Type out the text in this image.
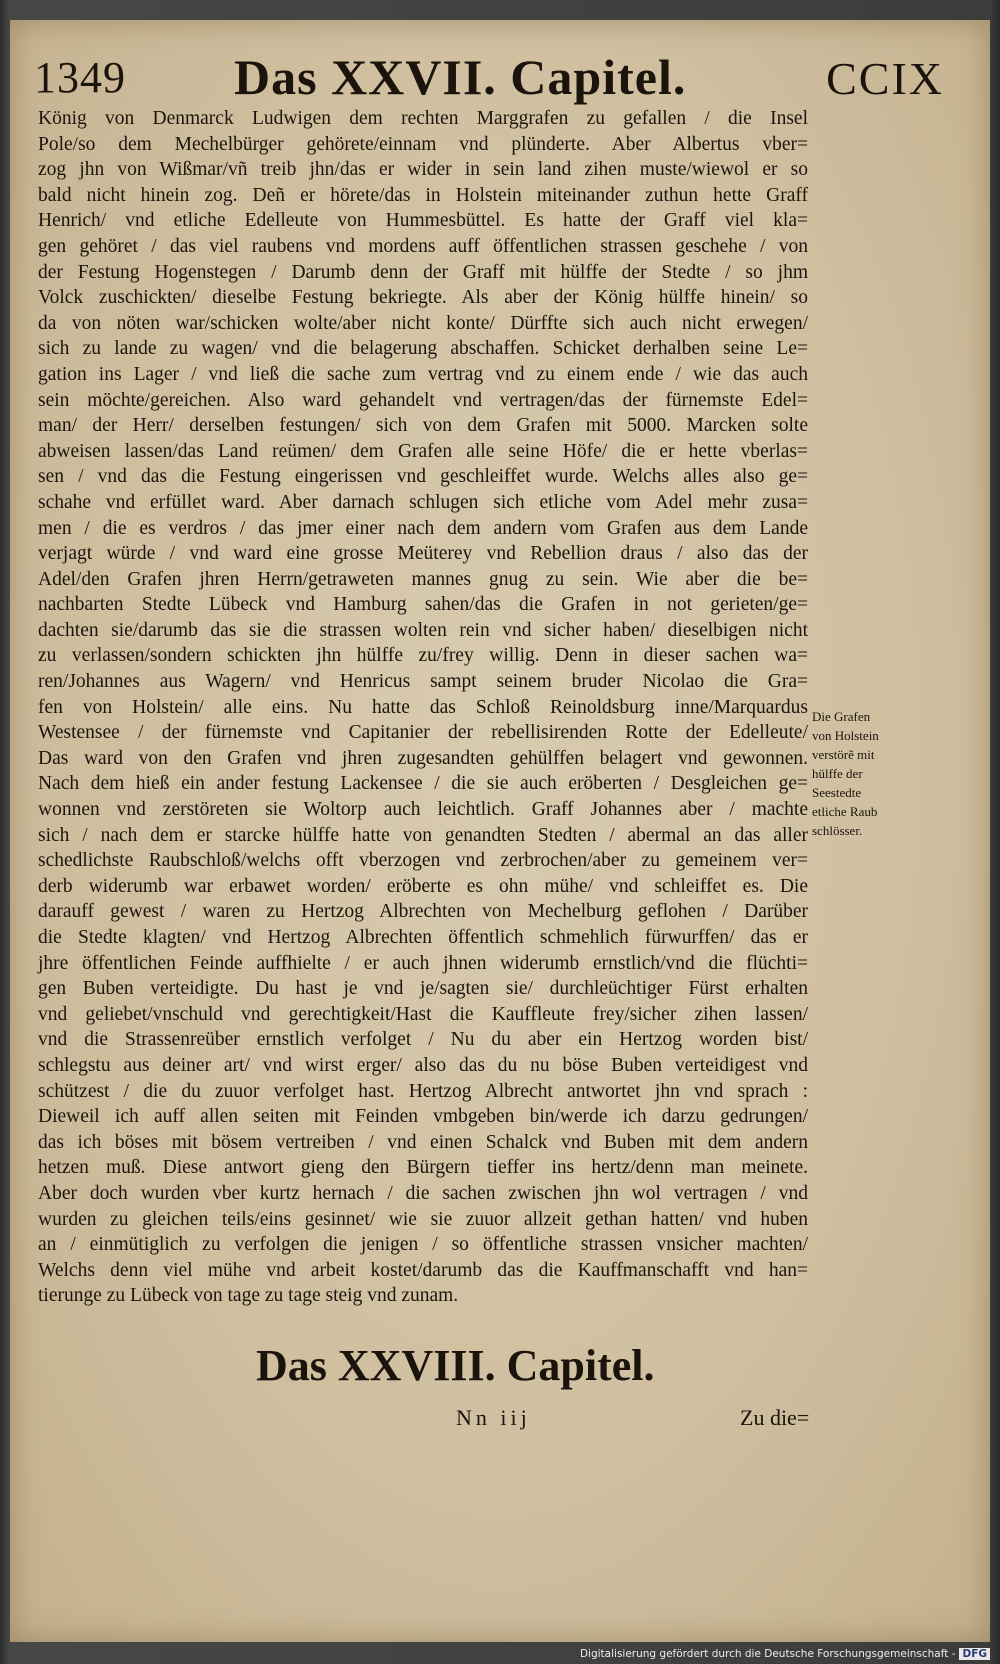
1349 Das XXVII. Capitel.	CCIX
König von Denmarck Ludwigen dem rechten Marggrafen zu gefallen / die Insel
Pole/so dem Mechelbürger gehörete/einnam vnd plünderte. Aber Albertus vber=
zog jhn von Wißmar/vñ treib jhn/das er wider in sein land zihen muste/wiewol er so
bald nicht hinein zog. Deñ er hörete/das in Holstein miteinander zuthun hette Graff
Henrich/ vnd etliche Edelleute von Hummesbüttel. Es hatte der Graff viel kla=
gen gehöret / das viel raubens vnd mordens auff öffentlichen strassen geschehe / von
der Festung Hogenstegen / Darumb denn der Graff mit hülffe der Stedte / so jhm
Volck zuschickten/ dieselbe Festung bekriegte. Als aber der König hülffe hinein/ so
da von nöten war/schicken wolte/aber nicht konte/ Dürffte sich auch nicht erwegen/
sich zu lande zu wagen/ vnd die belagerung abschaffen. Schicket derhalben seine Le=
gation ins Lager / vnd ließ die sache zum vertrag vnd zu einem ende / wie das auch
sein möchte/gereichen. Also ward gehandelt vnd vertragen/das der fürnemste Edel=
man/ der Herr/ derselben festungen/ sich von dem Grafen mit 5000. Marcken solte
abweisen lassen/das Land reümen/ dem Grafen alle seine Höfe/ die er hette vberlas=
sen / vnd das die Festung eingerissen vnd geschleiffet wurde. Welchs alles also ge=
schahe vnd erfüllet ward. Aber darnach schlugen sich etliche vom Adel mehr zusa=
men / die es verdros / das jmer einer nach dem andern vom Grafen aus dem Lande
verjagt würde / vnd ward eine grosse Meüterey vnd Rebellion draus / also das der
Adel/den Grafen jhren Herrn/getraweten mannes gnug zu sein. Wie aber die be=
nachbarten Stedte Lübeck vnd Hamburg sahen/das die Grafen in not gerieten/ge=
dachten sie/darumb das sie die strassen wolten rein vnd sicher haben/ dieselbigen nicht
zu verlassen/sondern schickten jhn hülffe zu/frey willig. Denn in dieser sachen wa=
ren/Johannes aus Wagern/ vnd Henricus sampt seinem bruder Nicolao die Gra=
fen von Holstein/ alle eins. Nu hatte das Schloß Reinoldsburg inne/Marquardus
Westensee / der fürnemste vnd Capitanier der rebellisirenden Rotte der Edelleute/
Das ward von den Grafen vnd jhren zugesandten gehülffen belagert vnd gewonnen.
Nach dem hieß ein ander festung Lackensee / die sie auch eröberten / Desgleichen ge=
wonnen vnd zerstöreten sie Woltorp auch leichtlich. Graff Johannes aber / machte
sich / nach dem er starcke hülffe hatte von genandten Stedten / abermal an das aller
schedlichste Raubschloß/welchs offt vberzogen vnd zerbrochen/aber zu gemeinem ver=
derb widerumb war erbawet worden/ eröberte es ohn mühe/ vnd schleiffet es. Die
darauff gewest / waren zu Hertzog Albrechten von Mechelburg geflohen / Darüber
die Stedte klagten/ vnd Hertzog Albrechten öffentlich schmehlich fürwurffen/ das er
jhre öffentlichen Feinde auffhielte / er auch jhnen widerumb ernstlich/vnd die flüchti=
gen Buben verteidigte. Du hast je vnd je/sagten sie/ durchleüchtiger Fürst erhalten
vnd geliebet/vnschuld vnd gerechtigkeit/Hast die Kauffleute frey/sicher zihen lassen/
vnd die Strassenreüber ernstlich verfolget / Nu du aber ein Hertzog worden bist/
schlegstu aus deiner art/ vnd wirst erger/ also das du nu böse Buben verteidigest vnd
schützest / die du zuuor verfolget hast. Hertzog Albrecht antwortet jhn vnd sprach :
Dieweil ich auff allen seiten mit Feinden vmbgeben bin/werde ich darzu gedrungen/
das ich böses mit bösem vertreiben / vnd einen Schalck vnd Buben mit dem andern
hetzen muß. Diese antwort gieng den Bürgern tieffer ins hertz/denn man meinete.
Aber doch wurden vber kurtz hernach / die sachen zwischen jhn wol vertragen / vnd
wurden zu gleichen teils/eins gesinnet/ wie sie zuuor allzeit gethan hatten/ vnd huben
an / einmütiglich zu verfolgen die jenigen / so öffentliche strassen vnsicher machten/
Welchs denn viel mühe vnd arbeit kostet/darumb das die Kauffmanschafft vnd han=
tierunge zu Lübeck von tage zu tage steig vnd zunam.
Die Grafen
von Holstein
verstörẽ mit
hülffe der
Seestedte
etliche Raub
schlösser.
Das XXVIII. Capitel.
Nn iij	Zu die=
Digitalisierung gefördert durch die Deutsche Forschungsgemeinschaft - DFG
